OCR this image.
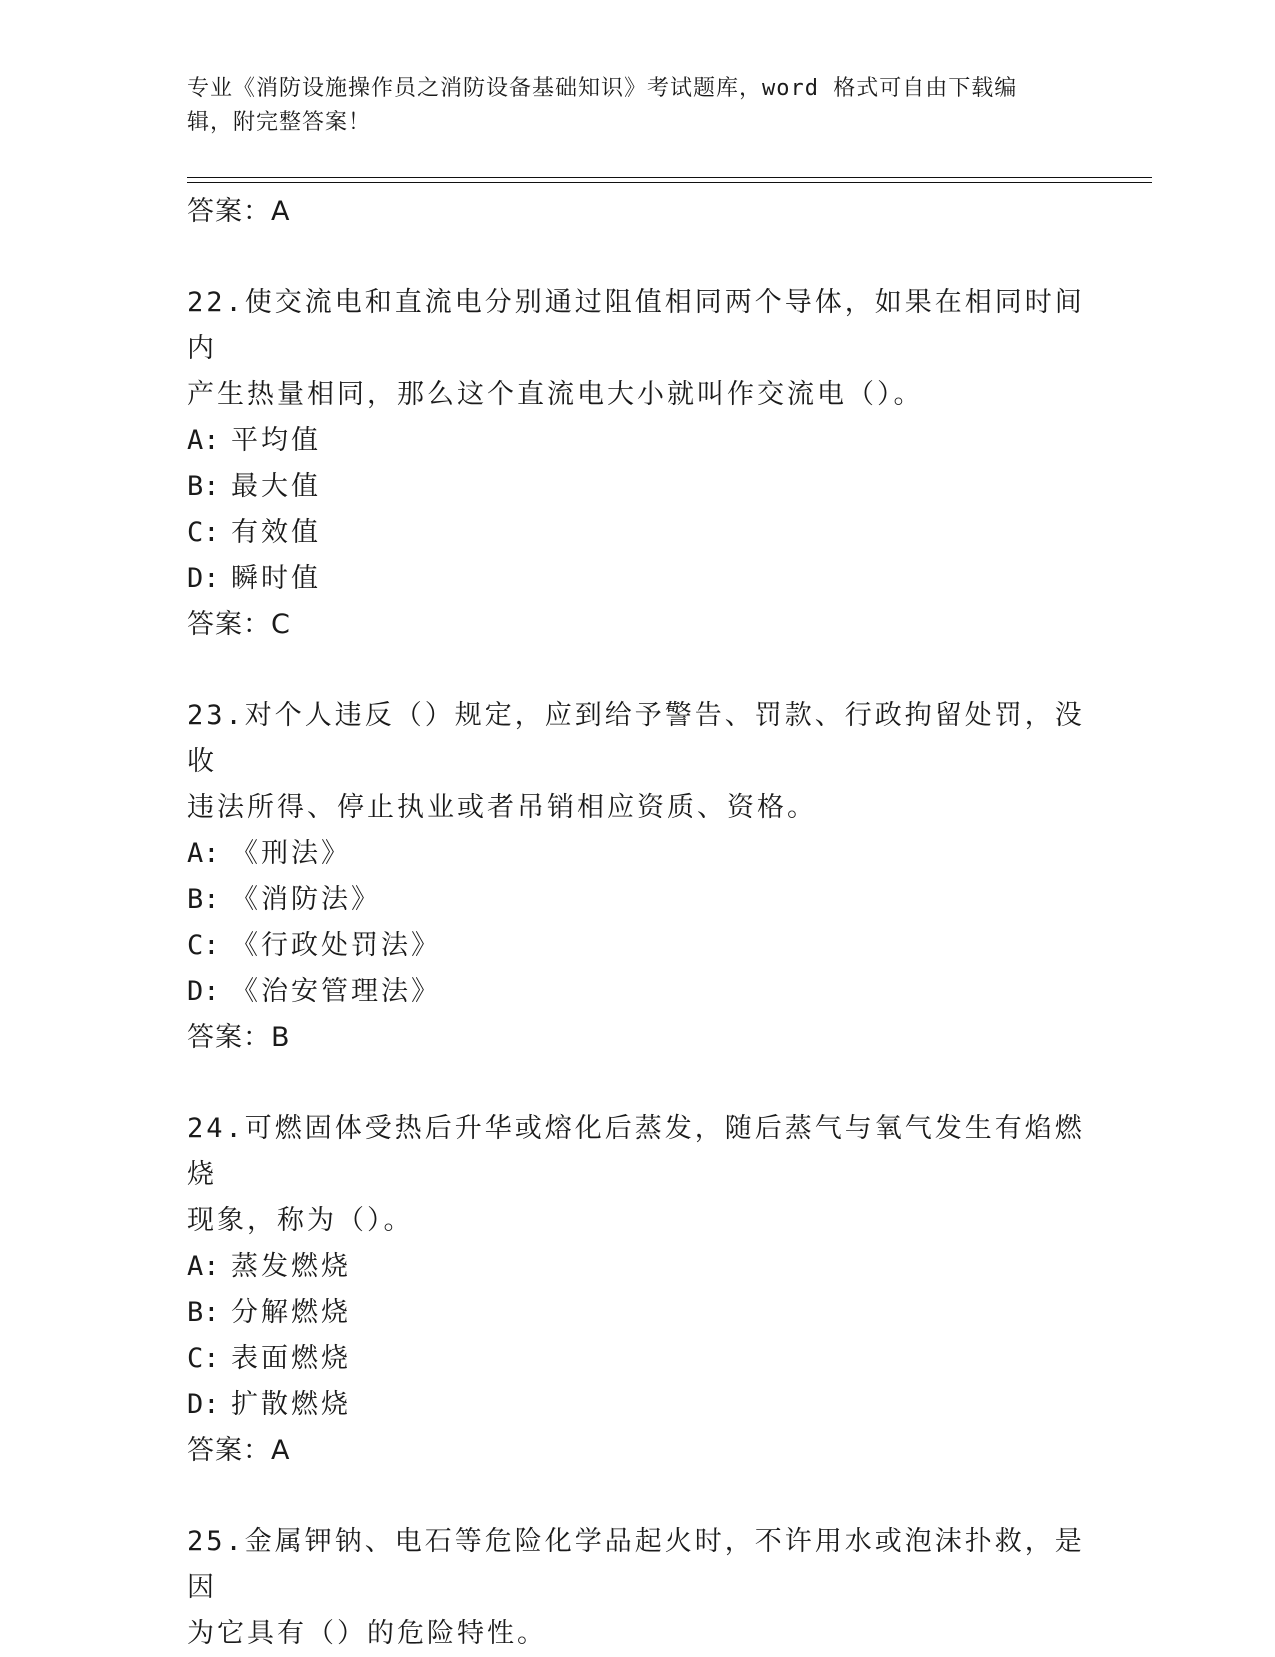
专业《消防设施操作员之消防设备基础知识》考试题库，word 格式可自由下载编
辑，附完整答案！
答案：A
22.使交流电和直流电分别通过阻值相同两个导体，如果在相同时间内
产生热量相同，那么这个直流电大小就叫作交流电（）。
A: 平均值
B: 最大值
C: 有效值
D: 瞬时值
答案：C
23.对个人违反（）规定，应到给予警告、罚款、行政拘留处罚，没收
违法所得、停止执业或者吊销相应资质、资格。
A: 《刑法》
B: 《消防法》
C: 《行政处罚法》
D: 《治安管理法》
答案：B
24.可燃固体受热后升华或熔化后蒸发，随后蒸气与氧气发生有焰燃烧
现象，称为（）。
A: 蒸发燃烧
B: 分解燃烧
C: 表面燃烧
D: 扩散燃烧
答案：A
25.金属钾钠、电石等危险化学品起火时，不许用水或泡沫扑救，是因
为它具有（）的危险特性。
